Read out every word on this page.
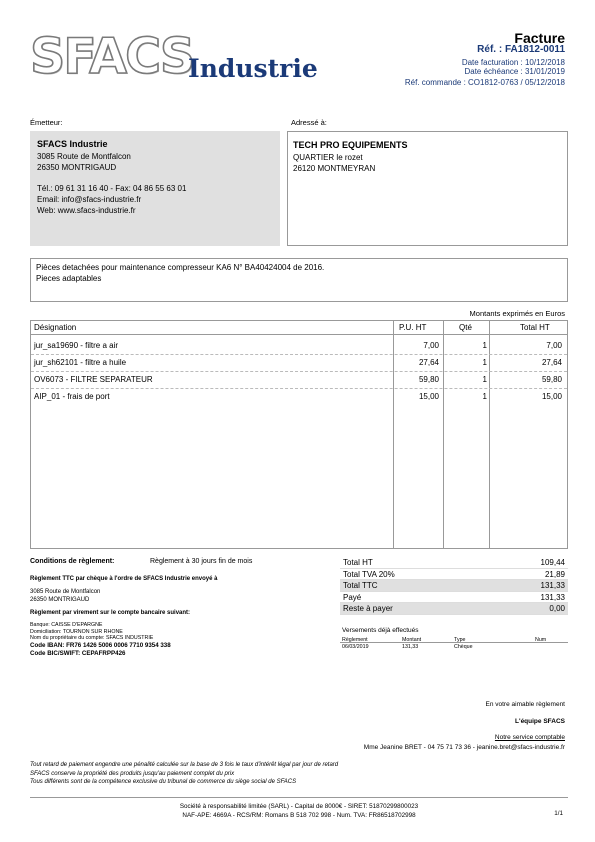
SFACS
Industrie
Facture
Réf. : FA1812-0011
Date facturation : 10/12/2018
Date échéance : 31/01/2019
Réf. commande : CO1812-0763 / 05/12/2018
Émetteur:
SFACS Industrie
3085 Route de Montfalcon
26350 MONTRIGAUD
Tél.: 09 61 31 16 40 - Fax: 04 86 55 63 01
Email: info@sfacs-industrie.fr
Web: www.sfacs-industrie.fr
Adressé à:
TECH PRO EQUIPEMENTS
QUARTIER le rozet
26120 MONTMEYRAN
Pièces detachées pour maintenance compresseur KA6 N° BA40424004 de 2016.
Pieces adaptables
Montants exprimés en Euros
Désignation	P.U. HT	Qté	Total HT
jur_sa19690 - filtre a air	7,00	1	7,00
jur_sh62101 - filtre a huile	27,64	1	27,64
OV6073 - FILTRE SEPARATEUR	59,80	1	59,80
AIP_01 - frais de port	15,00	1	15,00
Conditions de règlement:	Règlement à 30 jours fin de mois
Règlement TTC par chèque à l'ordre de SFACS Industrie envoyé à
3085 Route de Montfalcon
26350 MONTRIGAUD
Règlement par virement sur le compte bancaire suivant:
Banque: CAISSE D'EPARGNE
Domiciliation: TOURNON SUR RHONE
Nom du propriétaire du compte: SFACS INDUSTRIE
Code IBAN: FR76 1426 5006 0006 7710 9354 338
Code BIC/SWIFT: CEPAFRPP426
Total HT	109,44
Total TVA 20%	21,89
Total TTC	131,33
Payé	131,33
Reste à payer	0,00
Versements déjà effectués
Règlement	Montant	Type	Num
06/03/2019	131,33	Chèque
En votre aimable règlement
L'équipe SFACS
Notre service comptable
Mme Jeanine BRET - 04 75 71 73 36 - jeanine.bret@sfacs-industrie.fr
Tout retard de paiement engendre une pénalité calculée sur la base de 3 fois le taux d'intérêt légal par jour de retard
SFACS conserve la propriété des produits jusqu'au paiement complet du prix
Tous différents sont de la compétence exclusive du tribunal de commerce du siège social de SFACS
Société à responsabilité limitée (SARL) - Capital de 8000€ - SIRET: 51870299800023
NAF-APE: 4669A - RCS/RM: Romans B 518 702 998 - Num. TVA: FR86518702998	1/1
